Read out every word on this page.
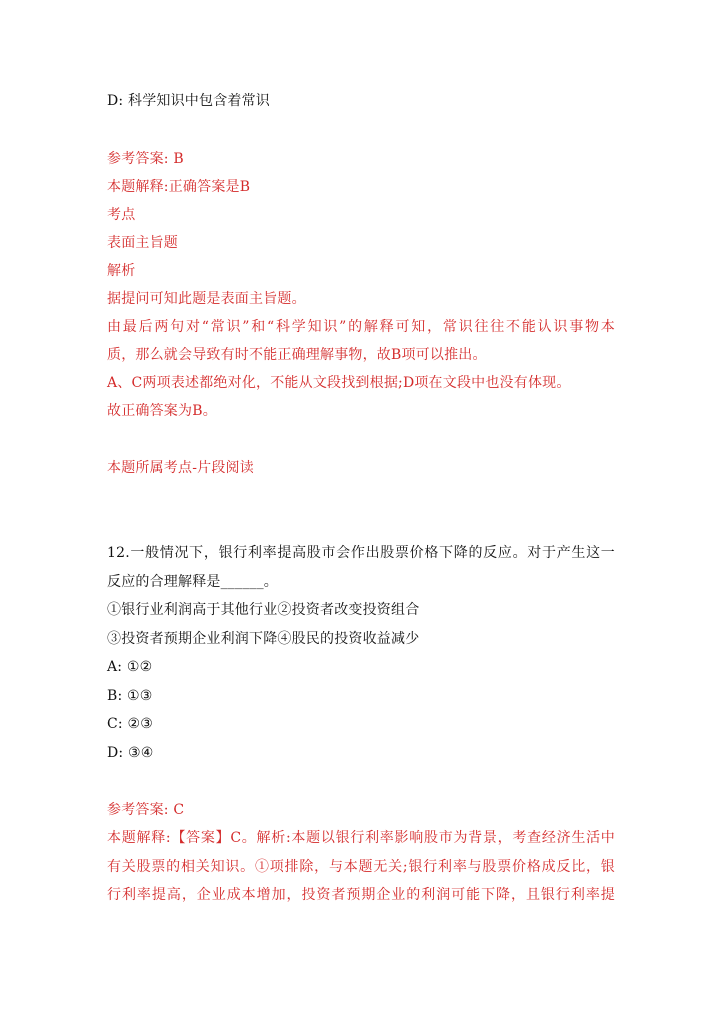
D: 科学知识中包含着常识
参考答案: B
本题解释:正确答案是B
考点
表面主旨题
解析
据提问可知此题是表面主旨题。
由最后两句对“常识”和“科学知识”的解释可知，常识往往不能认识事物本
质，那么就会导致有时不能正确理解事物，故B项可以推出。
A、C两项表述都绝对化，不能从文段找到根据;D项在文段中也没有体现。
故正确答案为B。
本题所属考点-片段阅读
12.一般情况下，银行利率提高股市会作出股票价格下降的反应。对于产生这一
反应的合理解释是______。
①银行业利润高于其他行业②投资者改变投资组合
③投资者预期企业利润下降④股民的投资收益减少
A: ①②
B: ①③
C: ②③
D: ③④
参考答案: C
本题解释:【答案】C。解析:本题以银行利率影响股市为背景，考查经济生活中
有关股票的相关知识。①项排除，与本题无关;银行利率与股票价格成反比，银
行利率提高，企业成本增加，投资者预期企业的利润可能下降，且银行利率提
